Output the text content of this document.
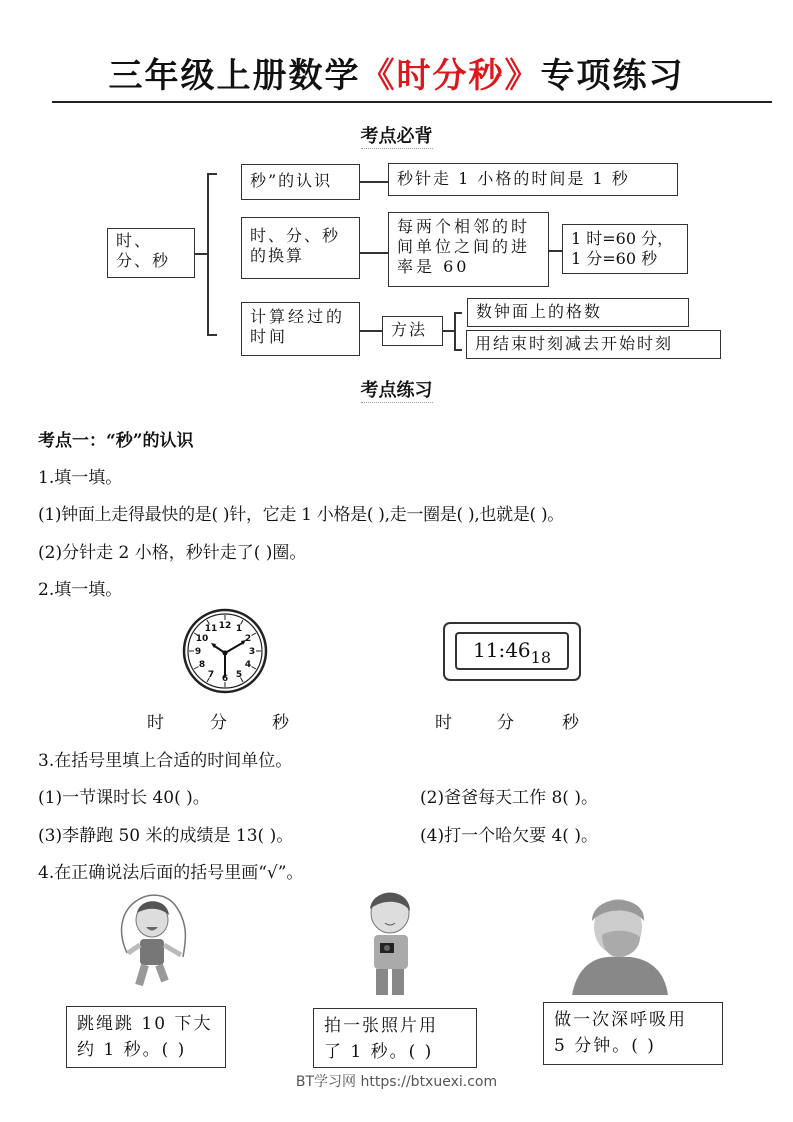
三年级上册数学《时分秒》专项练习
考点必背
时、分、秒
秒”的认识	秒针走 1 小格的时间是 1 秒
时、分、秒的换算
每两个相邻的时间单位之间的进率是 60
1 时=60 分，
1 分=60 秒
计算经过的时间	方法
数钟面上的格数
用结束时刻减去开始时刻
考点练习
考点一：“秒”的认识
1.填一填。
(1)钟面上走得最快的是( )针，它走 1 小格是( ),走一圈是( ),也就是( )。
(2)分针走 2 小格，秒针走了( )圈。
2.填一填。
12 1
2
3
4
5
6
7
8
9
10
11
$11:46_{18}$
时	分	秒	时	分	秒
3.在括号里填上合适的时间单位。
(1)一节课时长 40( )。	(2)爸爸每天工作 8( )。
(3)李静跑 50 米的成绩是 13( )。	(4)打一个哈欠要 4( )。
4.在正确说法后面的括号里画“√”。
跳绳跳 10 下大
约 1 秒。( )
拍一张照片用
了 1 秒。( )
做一次深呼吸用
5 分钟。( )
BT学习网 https://btxuexi.com
